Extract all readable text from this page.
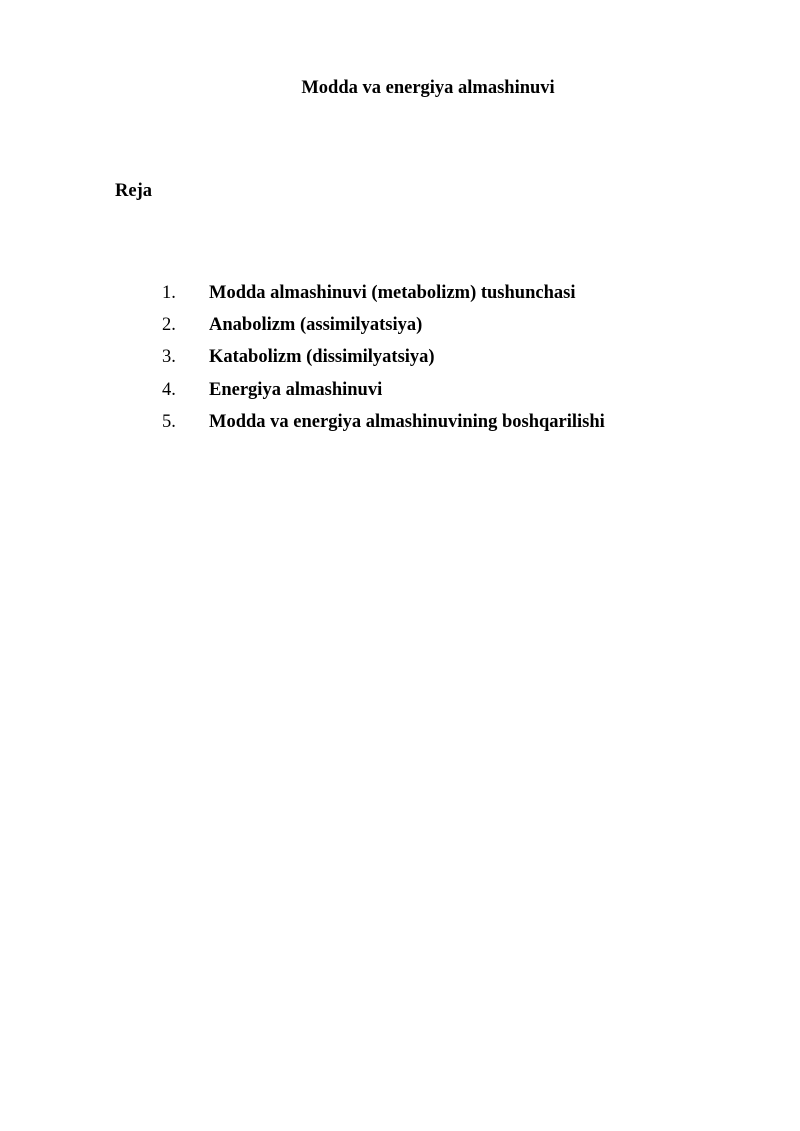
Modda va energiya almashinuvi
Reja
1. Modda almashinuvi (metabolizm) tushunchasi
2. Anabolizm (assimilyatsiya)
3. Katabolizm (dissimilyatsiya)
4. Energiya almashinuvi
5. Modda va energiya almashinuvining boshqarilishi
